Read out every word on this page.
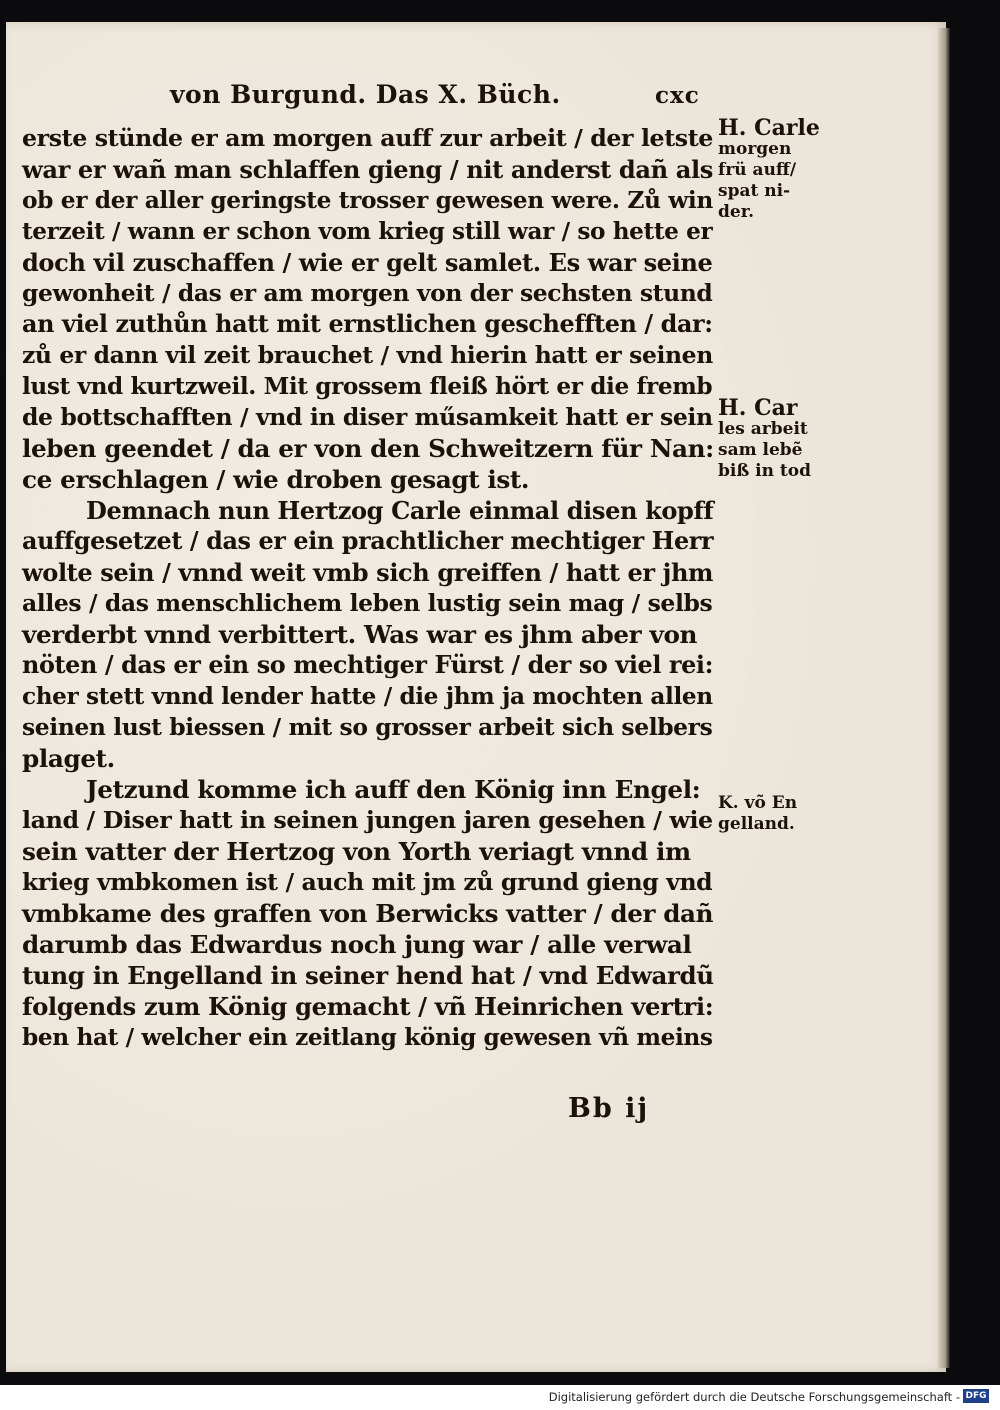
von Burgund. Das X. Büch.	cxc
erste stünde er am morgen auff zur arbeit / der letste
war er wañ man schlaffen gieng / nit anderst dañ als
ob er der aller geringste trosser gewesen were. Zů win
terzeit / wann er schon vom krieg still war / so hette er
doch vil zuschaffen / wie er gelt samlet. Es war seine
gewonheit / das er am morgen von der sechsten stund
an viel zuthůn hatt mit ernstlichen geschefften / dar:
zů er dann vil zeit brauchet / vnd hierin hatt er seinen
lust vnd kurtzweil. Mit grossem fleiß hört er die fremb
de bottschafften / vnd in diser műsamkeit hatt er sein
leben geendet / da er von den Schweitzern für Nan:
ce erschlagen / wie droben gesagt ist.
Demnach nun Hertzog Carle einmal disen kopff
auffgesetzet / das er ein prachtlicher mechtiger Herr
wolte sein / vnnd weit vmb sich greiffen / hatt er jhm
alles / das menschlichem leben lustig sein mag / selbs
verderbt vnnd verbittert. Was war es jhm aber von
nöten / das er ein so mechtiger Fürst / der so viel rei:
cher stett vnnd lender hatte / die jhm ja mochten allen
seinen lust biessen / mit so grosser arbeit sich selbers
plaget.
Jetzund komme ich auff den König inn Engel:
land / Diser hatt in seinen jungen jaren gesehen / wie
sein vatter der Hertzog von Yorth veriagt vnnd im
krieg vmbkomen ist / auch mit jm zů grund gieng vnd
vmbkame des graffen von Berwicks vatter / der dañ
darumb das Edwardus noch jung war / alle verwal
tung in Engelland in seiner hend hat / vnd Edwardũ
folgends zum König gemacht / vñ Heinrichen vertri:
ben hat / welcher ein zeitlang könig gewesen vñ meins
H. Carle
morgen
frü auff/
spat ni-
der.
H. Car
les arbeit
sam lebẽ
biß in tod
K. võ En
gelland.
Bb ij
Digitalisierung gefördert durch die Deutsche Forschungsgemeinschaft - DFG
